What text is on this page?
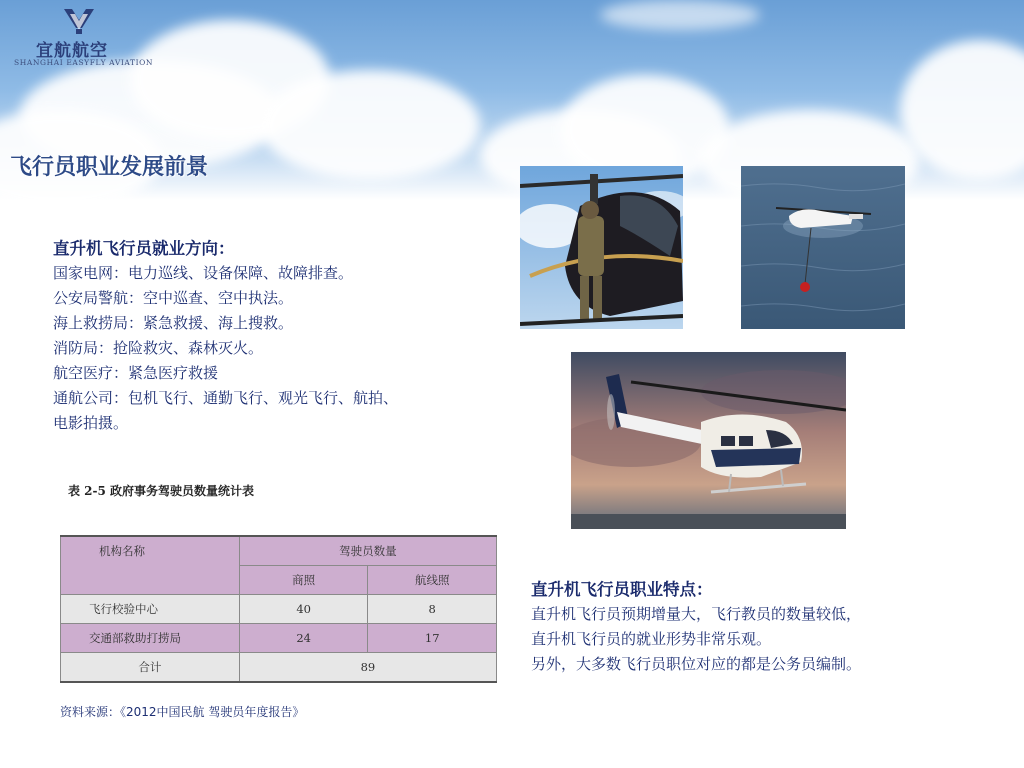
宜航航空
SHANGHAI EASYFLY AVIATION
飞行员职业发展前景
直升机飞行员就业方向：
国家电网：电力巡线、设备保障、故障排查。
公安局警航：空中巡查、空中执法。
海上救捞局：紧急救援、海上搜救。
消防局：抢险救灾、森林灭火。
航空医疗：紧急医疗救援
通航公司：包机飞行、通勤飞行、观光飞行、航拍、
电影拍摄。
表 2-5 政府事务驾驶员数量统计表
机构名称	驾驶员数量	
	商照	航线照
飞行校验中心	40	8
交通部救助打捞局	24	17
合计	89	
资料来源：《2012中国民航 驾驶员年度报告》
直升机飞行员职业特点：
直升机飞行员预期增量大，飞行教员的数量较低，
直升机飞行员的就业形势非常乐观。
另外，大多数飞行员职位对应的都是公务员编制。
